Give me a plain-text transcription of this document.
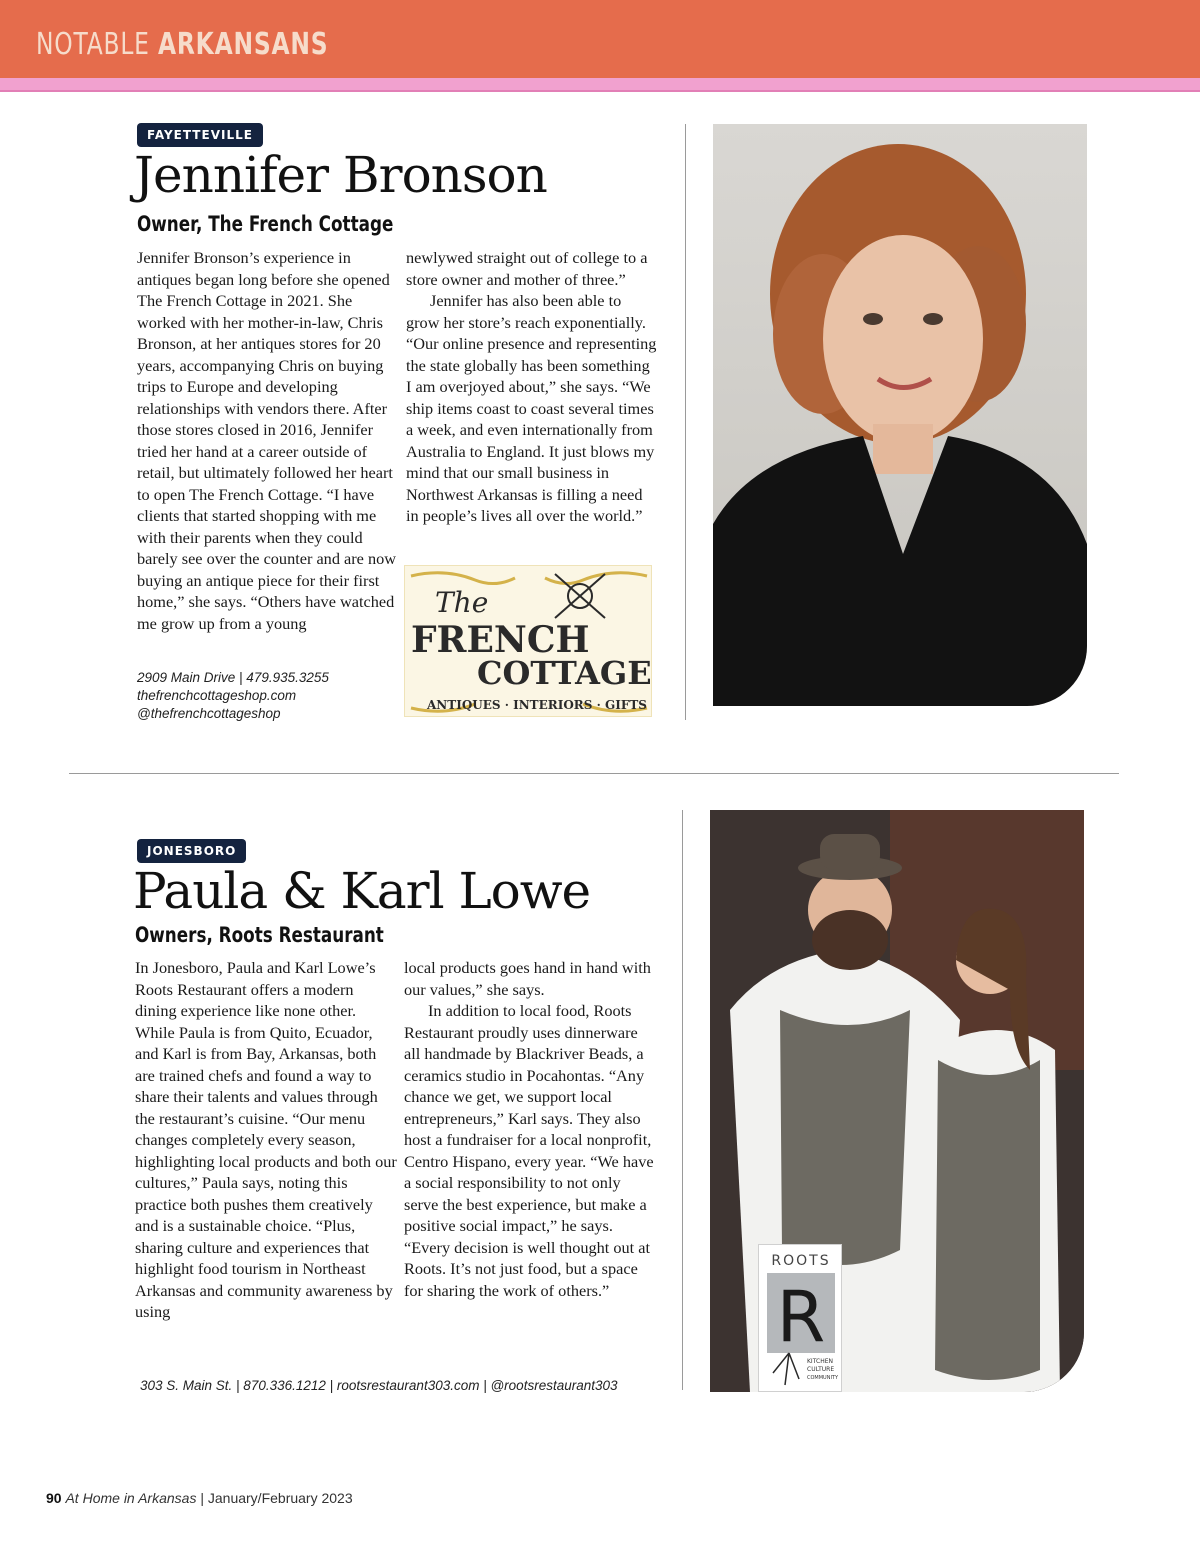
NOTABLE ARKANSANS
FAYETTEVILLE
Jennifer Bronson
Owner, The French Cottage

Jennifer Bronson’s experience in antiques began long before she opened The French Cottage in 2021. She worked with her mother-in-law, Chris Bronson, at her antiques stores for 20 years, accompanying Chris on buying trips to Europe and developing relationships with vendors there. After those stores closed in 2016, Jennifer tried her hand at a career outside of retail, but ultimately followed her heart to open The French Cottage. “I have clients that started shopping with me with their parents when they could barely see over the counter and are now buying an antique piece for their first home,” she says. “Others have watched me grow up from a young

newlywed straight out of college to a store owner and mother of three.”

Jennifer has also been able to grow her store’s reach exponentially. “Our online presence and representing the state globally has been something I am overjoyed about,” she says. “We ship items coast to coast several times a week, and even internationally from Australia to England. It just blows my mind that our small business in Northwest Arkansas is filling a need in people’s lives all over the world.”

2909 Main Drive | 479.935.3255
thefrenchcottageshop.com
@thefrenchcottageshop
The
FRENCH
COTTAGE
ANTIQUES · INTERIORS · GIFTS
JONESBORO
Paula & Karl Lowe
Owners, Roots Restaurant

In Jonesboro, Paula and Karl Lowe’s Roots Restaurant offers a modern dining experience like none other. While Paula is from Quito, Ecuador, and Karl is from Bay, Arkansas, both are trained chefs and found a way to share their talents and values through the restaurant’s cuisine. “Our menu changes completely every season, highlighting local products and both our cultures,” Paula says, noting this practice both pushes them creatively and is a sustainable choice. “Plus, sharing culture and experiences that highlight food tourism in Northeast Arkansas and community awareness by using

local products goes hand in hand with our values,” she says.

In addition to local food, Roots Restaurant proudly uses dinnerware all handmade by Blackriver Beads, a ceramics studio in Pocahontas. “Any chance we get, we support local entrepreneurs,” Karl says. They also host a fundraiser for a local nonprofit, Centro Hispano, every year. “We have a social responsibility to not only serve the best experience, but make a positive social impact,” he says. “Every decision is well thought out at Roots. It’s not just food, but a space for sharing the work of others.”

303 S. Main St. | 870.336.1212 | rootsrestaurant303.com | @rootsrestaurant303
ROOTS
R
KITCHEN
CULTURE
COMMUNITY
90 At Home in Arkansas | January/February 2023
